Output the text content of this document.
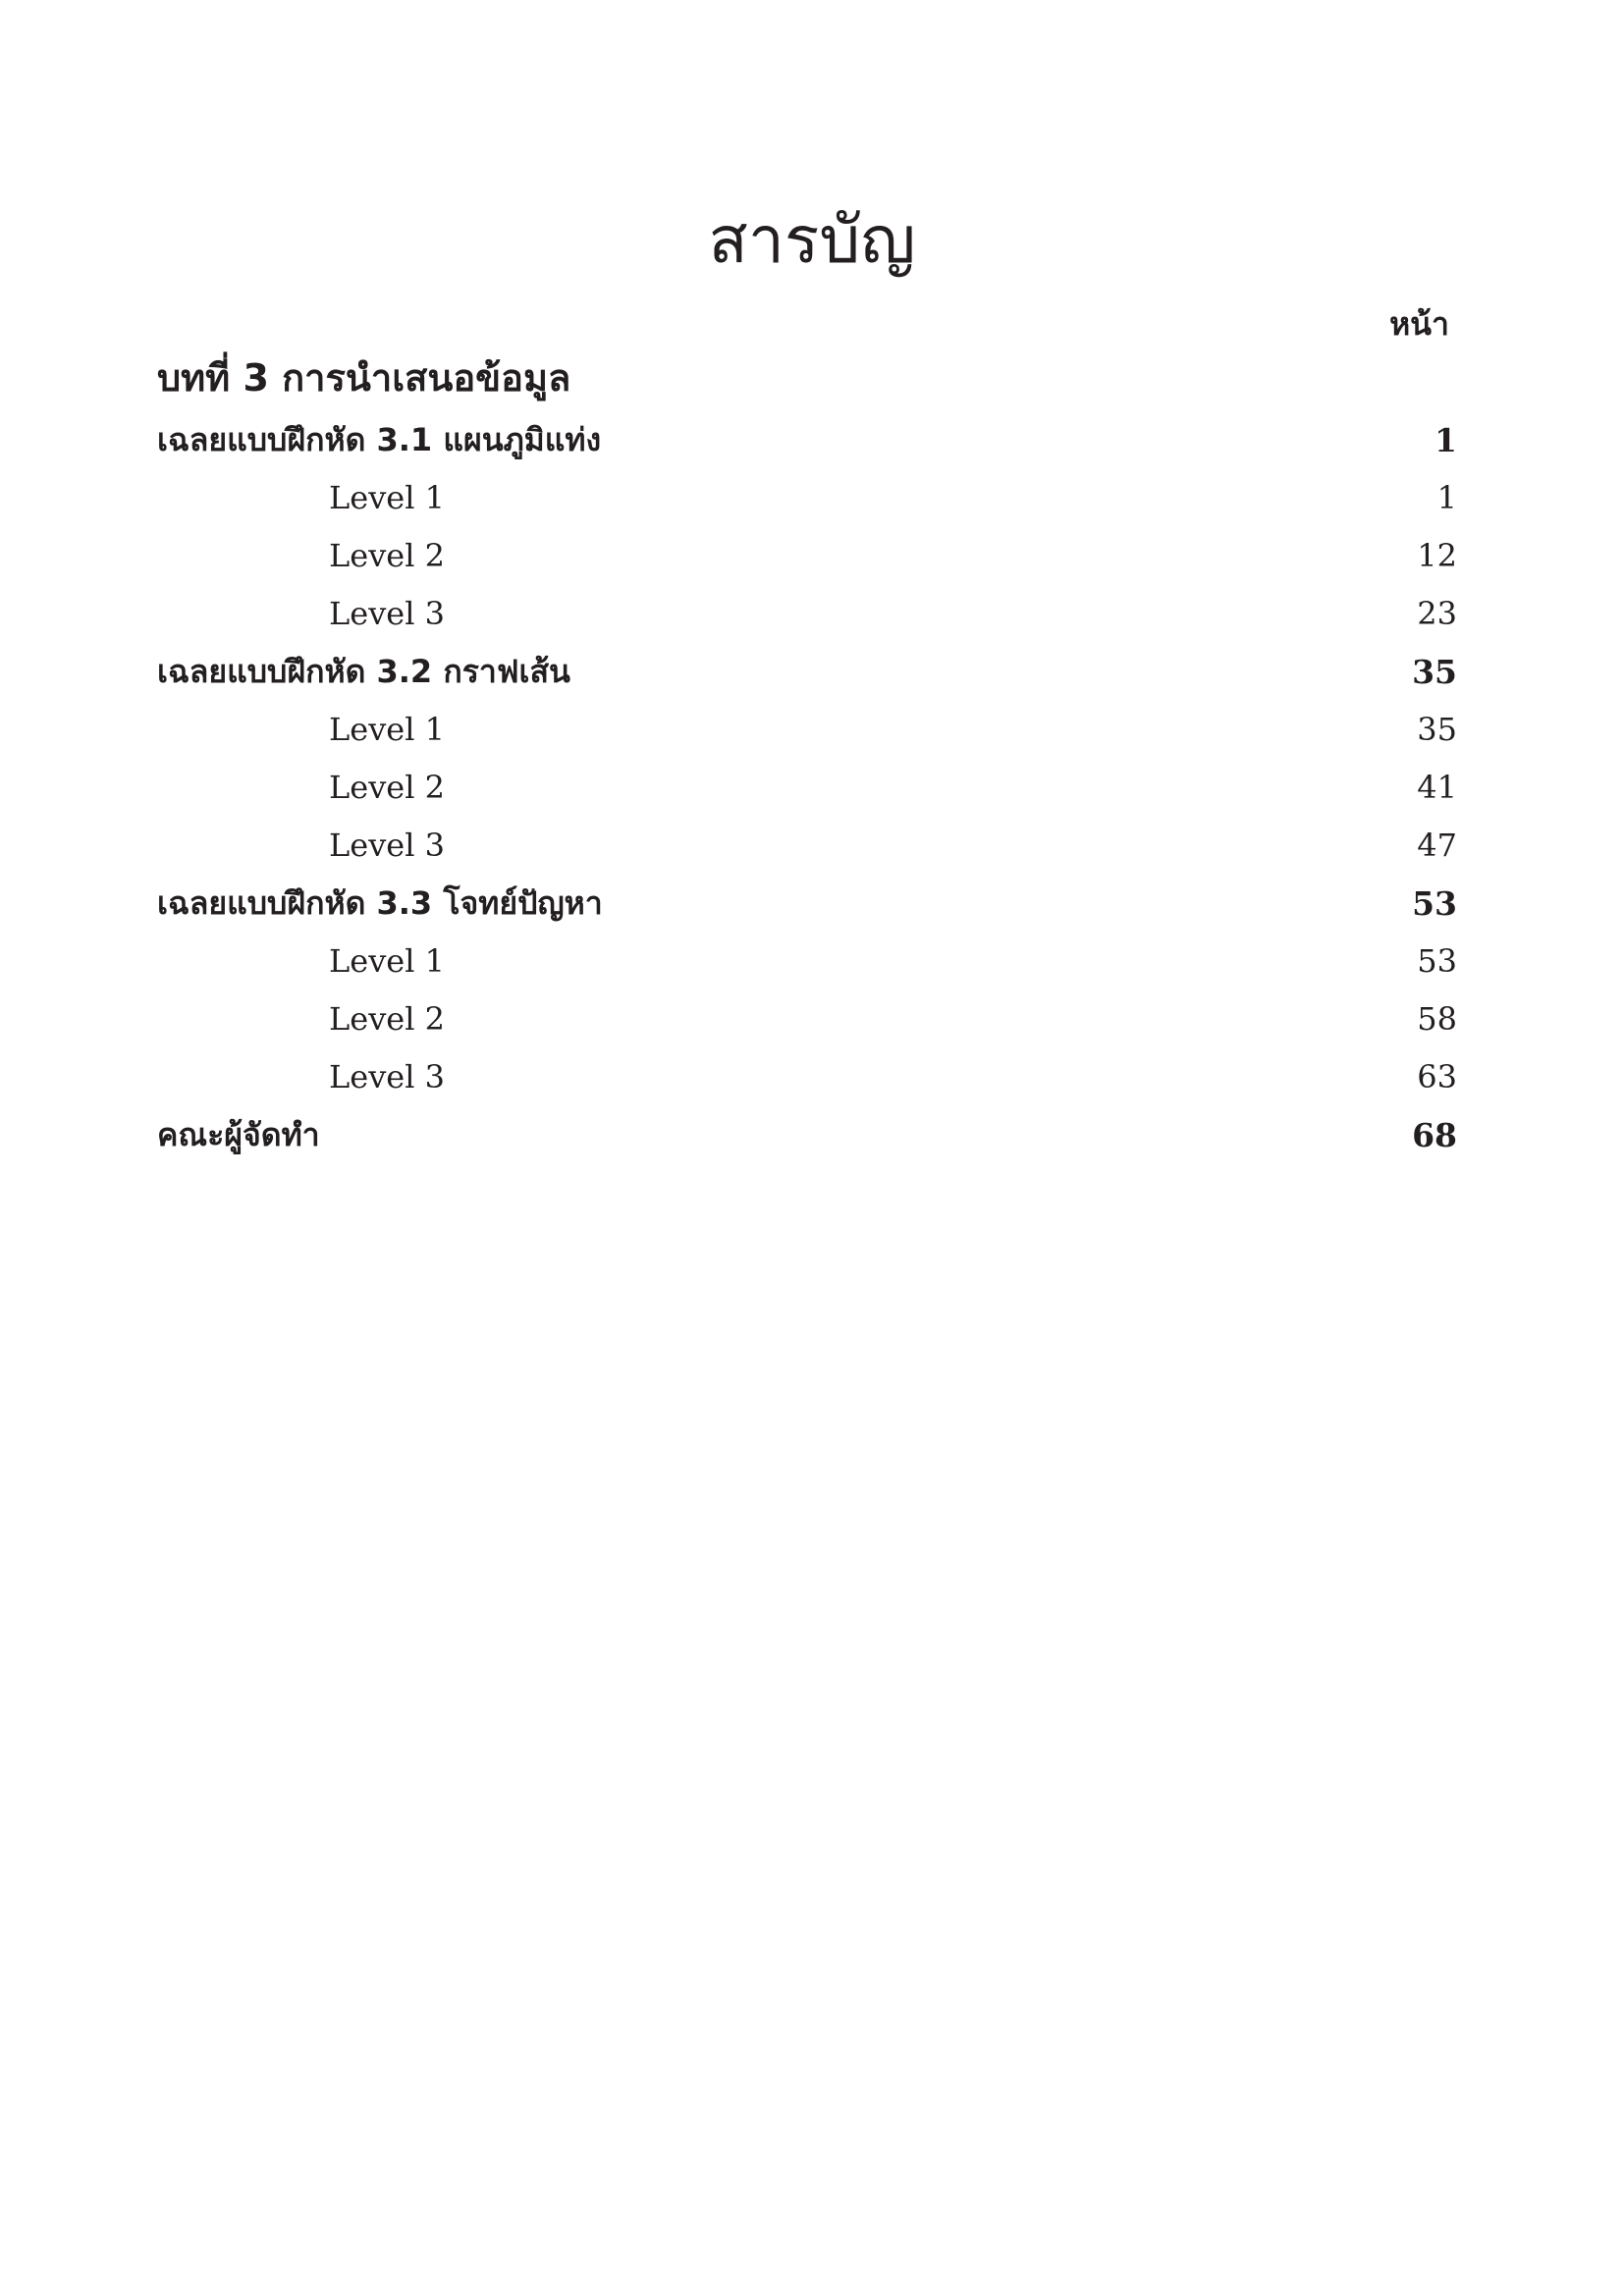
สารบัญ
หน้า
บทที่ 3 การนำเสนอข้อมูล
เฉลยแบบฝึกหัด 3.1 แผนภูมิแท่ง	1
Level 1	1
Level 2	12
Level 3	23
เฉลยแบบฝึกหัด 3.2 กราฟเส้น	35
Level 1	35
Level 2	41
Level 3	47
เฉลยแบบฝึกหัด 3.3 โจทย์ปัญหา	53
Level 1	53
Level 2	58
Level 3	63
คณะผู้จัดทำ	68
